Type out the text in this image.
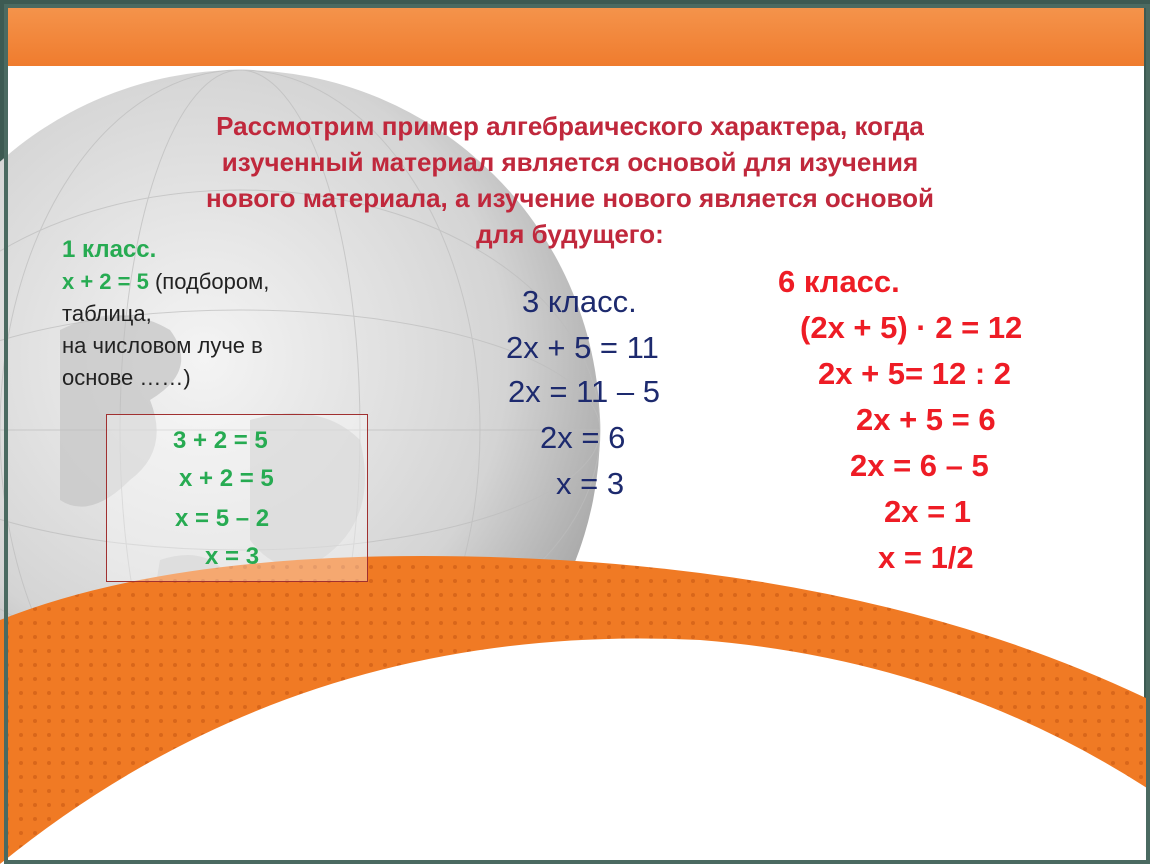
Рассмотрим пример алгебраического характера, когда
изученный материал является основой для изучения
нового материала, а изучение нового является основой
для будущего:
1 класс.
х + 2 = 5 (подбором,
таблица,
на числовом луче в
основе ……)
3 + 2 = 5
х + 2 = 5
х = 5 – 2
х = 3
3 класс.
2х + 5 = 11
2х = 11 – 5
2х = 6
х = 3
6 класс.
(2х + 5) · 2 = 12
2х + 5= 12 : 2
2х + 5 = 6
2х = 6 – 5
2х = 1
х = 1/2
